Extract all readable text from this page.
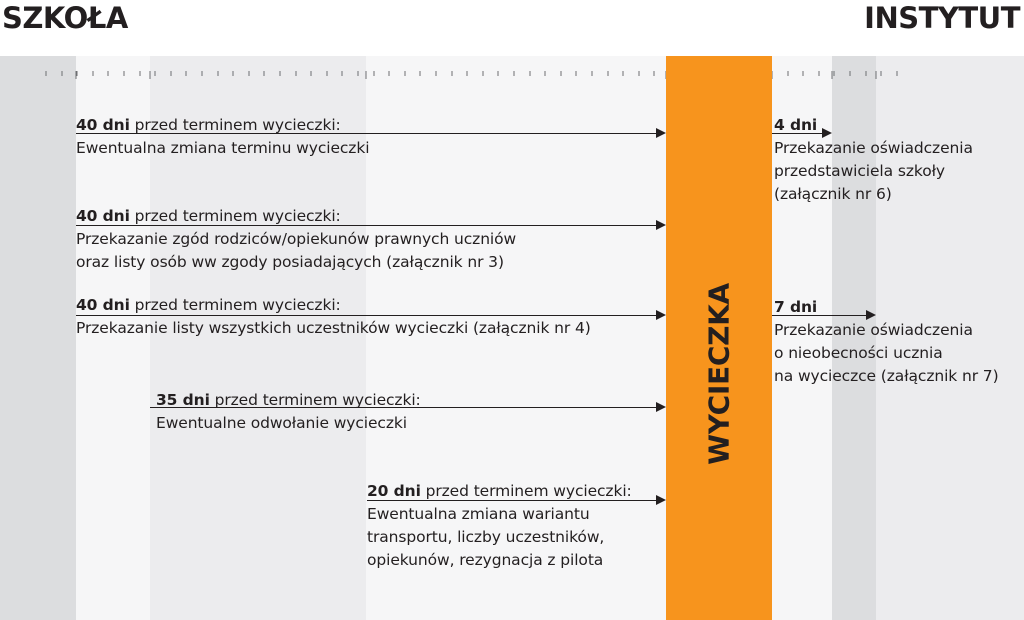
WYCIECZKA
SZKOŁA	INSTYTUT
40 dni przed terminem wycieczki:
Ewentualna zmiana terminu wycieczki
40 dni przed terminem wycieczki:
Przekazanie zgód rodziców/opiekunów prawnych uczniów
oraz listy osób ww zgody posiadających (załącznik nr 3)
40 dni przed terminem wycieczki:
Przekazanie listy wszystkich uczestników wycieczki (załącznik nr 4)
35 dni przed terminem wycieczki:
Ewentualne odwołanie wycieczki
20 dni przed terminem wycieczki:
Ewentualna zmiana wariantu
transportu, liczby uczestników,
opiekunów, rezygnacja z pilota
4 dni
Przekazanie oświadczenia
przedstawiciela szkoły
(załącznik nr 6)
7 dni
Przekazanie oświadczenia
o nieobecności ucznia
na wycieczce (załącznik nr 7)
